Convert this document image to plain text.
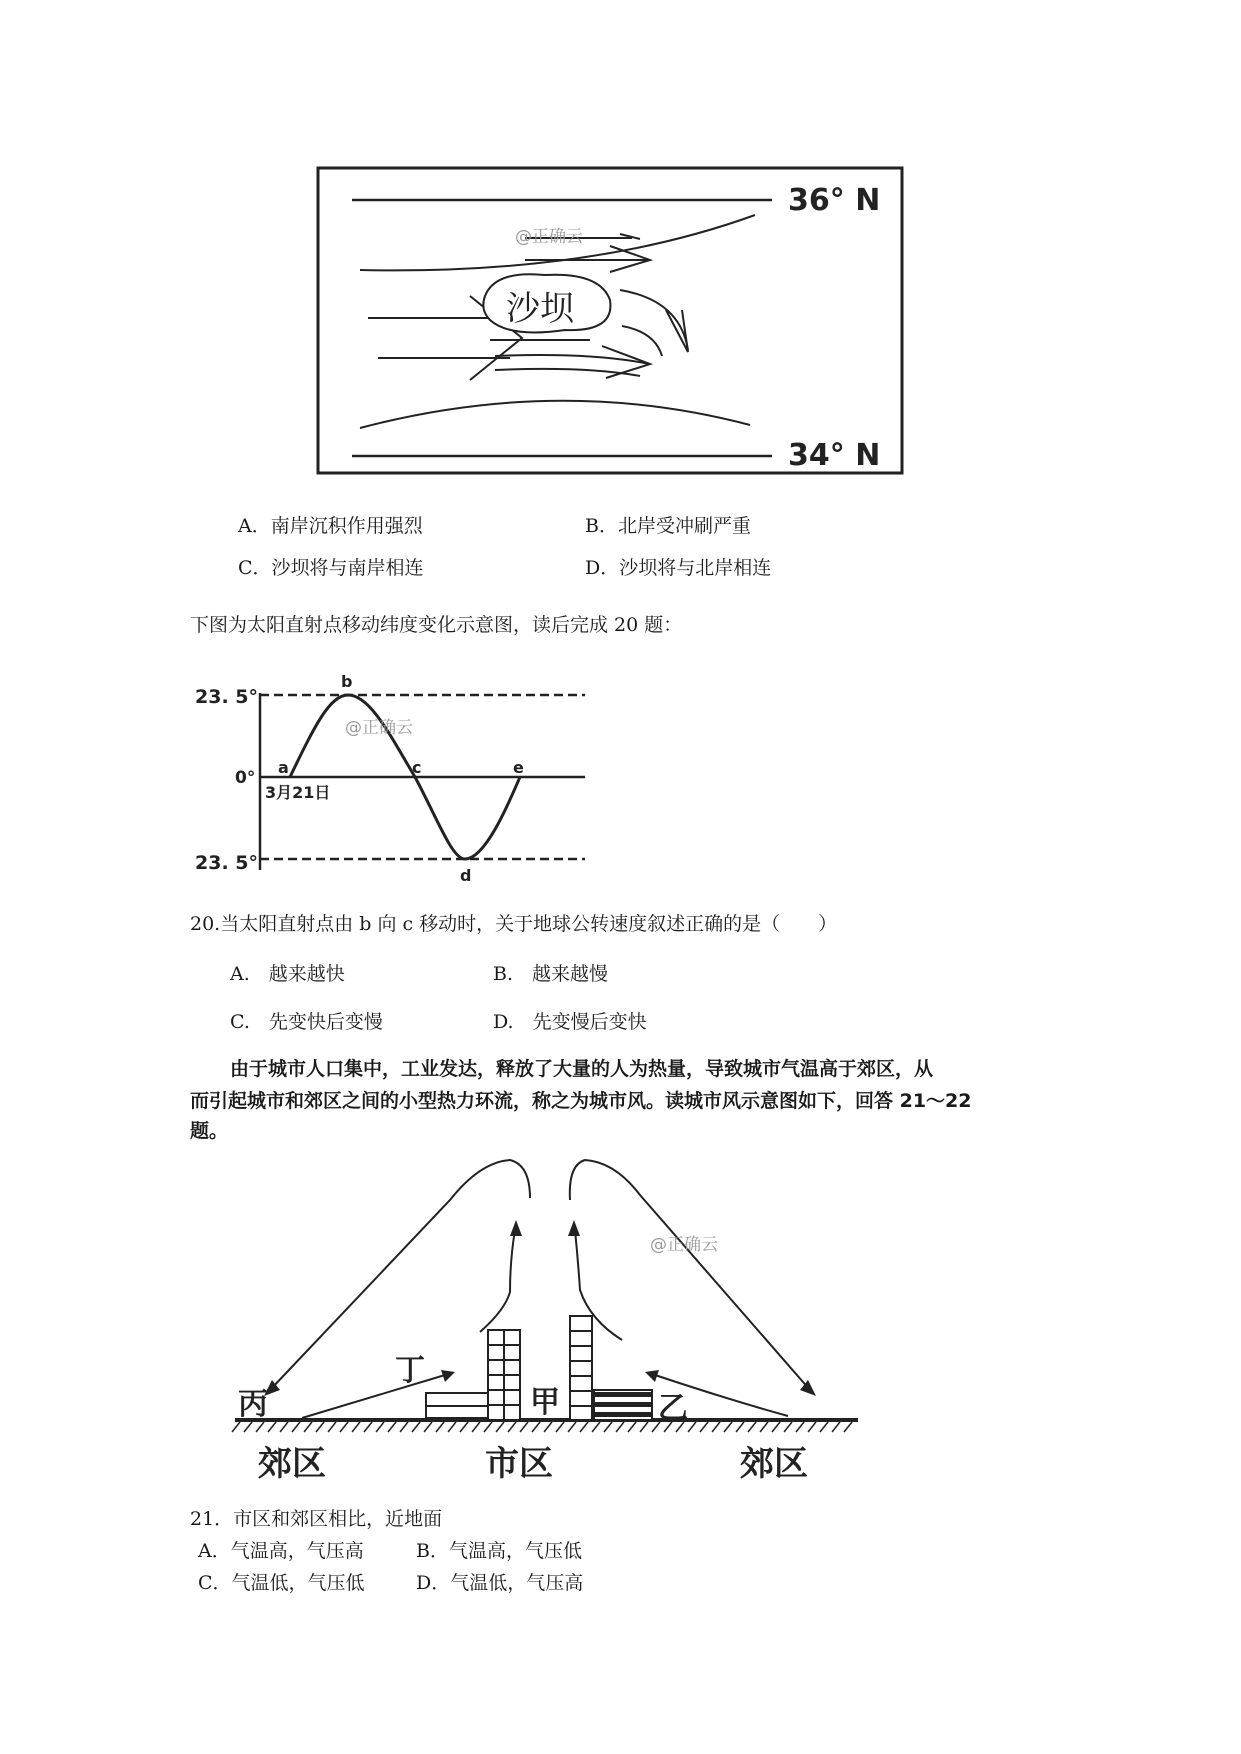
36° N
34° N
沙坝
@正确云
A．南岸沉积作用强烈	B．北岸受冲刷严重
C．沙坝将与南岸相连	D．沙坝将与北岸相连
下图为太阳直射点移动纬度变化示意图，读后完成 20 题：
23. 5°
0°
23. 5°
a
b
c
d
e
3月21日
@正确云
20.当太阳直射点由 b 向 c 移动时，关于地球公转速度叙述正确的是（　　）
A.　越来越快	B.　越来越慢
C.　先变快后变慢	D.　先变慢后变快
由于城市人口集中，工业发达，释放了大量的人为热量，导致城市气温高于郊区，从
而引起城市和郊区之间的小型热力环流，称之为城市风。读城市风示意图如下，回答 21～22
题。
丙
丁
甲	乙
郊区	市区	郊区
@正确云
21．市区和郊区相比，近地面
A．气温高，气压高	B．气温高，气压低
C．气温低，气压低	D．气温低，气压高
